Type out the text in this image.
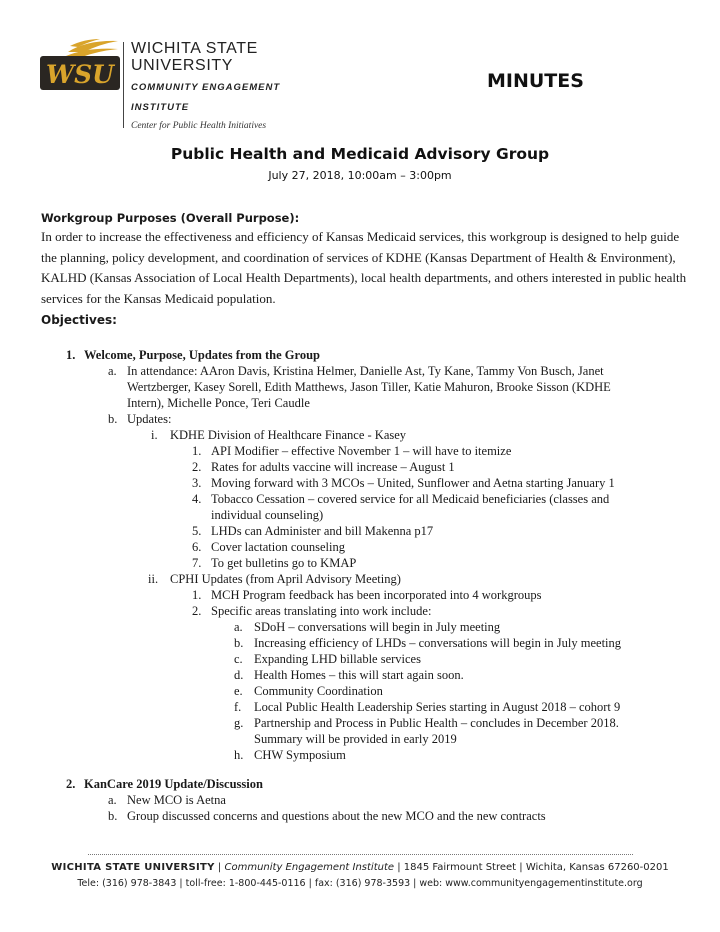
WSU
WICHITA STATE
UNIVERSITY
COMMUNITY ENGAGEMENT
INSTITUTE
Center for Public Health Initiatives
MINUTES
Public Health and Medicaid Advisory Group
July 27, 2018, 10:00am – 3:00pm
Workgroup Purposes (Overall Purpose):
In order to increase the effectiveness and efficiency of Kansas Medicaid services, this workgroup is designed to help guide the planning, policy development, and coordination of services of KDHE (Kansas Department of Health & Environment), KALHD (Kansas Association of Local Health Departments), local health departments, and others interested in public health services for the Kansas Medicaid population.
Objectives:
1. Welcome, Purpose, Updates from the Group
a. In attendance: AAron Davis, Kristina Helmer, Danielle Ast, Ty Kane, Tammy Von Busch, Janet
Wertzberger, Kasey Sorell, Edith Matthews, Jason Tiller, Katie Mahuron, Brooke Sisson (KDHE
Intern), Michelle Ponce, Teri Caudle
b. Updates:
i. KDHE Division of Healthcare Finance - Kasey
1. API Modifier – effective November 1 – will have to itemize
2. Rates for adults vaccine will increase – August 1
3. Moving forward with 3 MCOs – United, Sunflower and Aetna starting January 1
4. Tobacco Cessation – covered service for all Medicaid beneficiaries (classes and
individual counseling)
5. LHDs can Administer and bill Makenna p17
6. Cover lactation counseling
7. To get bulletins go to KMAP
ii. CPHI Updates (from April Advisory Meeting)
1. MCH Program feedback has been incorporated into 4 workgroups
2. Specific areas translating into work include:
a. SDoH – conversations will begin in July meeting
b. Increasing efficiency of LHDs – conversations will begin in July meeting
c. Expanding LHD billable services
d. Health Homes – this will start again soon.
e. Community Coordination
f. Local Public Health Leadership Series starting in August 2018 – cohort 9
g. Partnership and Process in Public Health – concludes in December 2018.
Summary will be provided in early 2019
h. CHW Symposium
2. KanCare 2019 Update/Discussion
a. New MCO is Aetna
b. Group discussed concerns and questions about the new MCO and the new contracts
WICHITA STATE UNIVERSITY | Community Engagement Institute | 1845 Fairmount Street | Wichita, Kansas 67260-0201
Tele: (316) 978-3843 | toll-free: 1-800-445-0116 | fax: (316) 978-3593 | web: www.communityengagementinstitute.org
